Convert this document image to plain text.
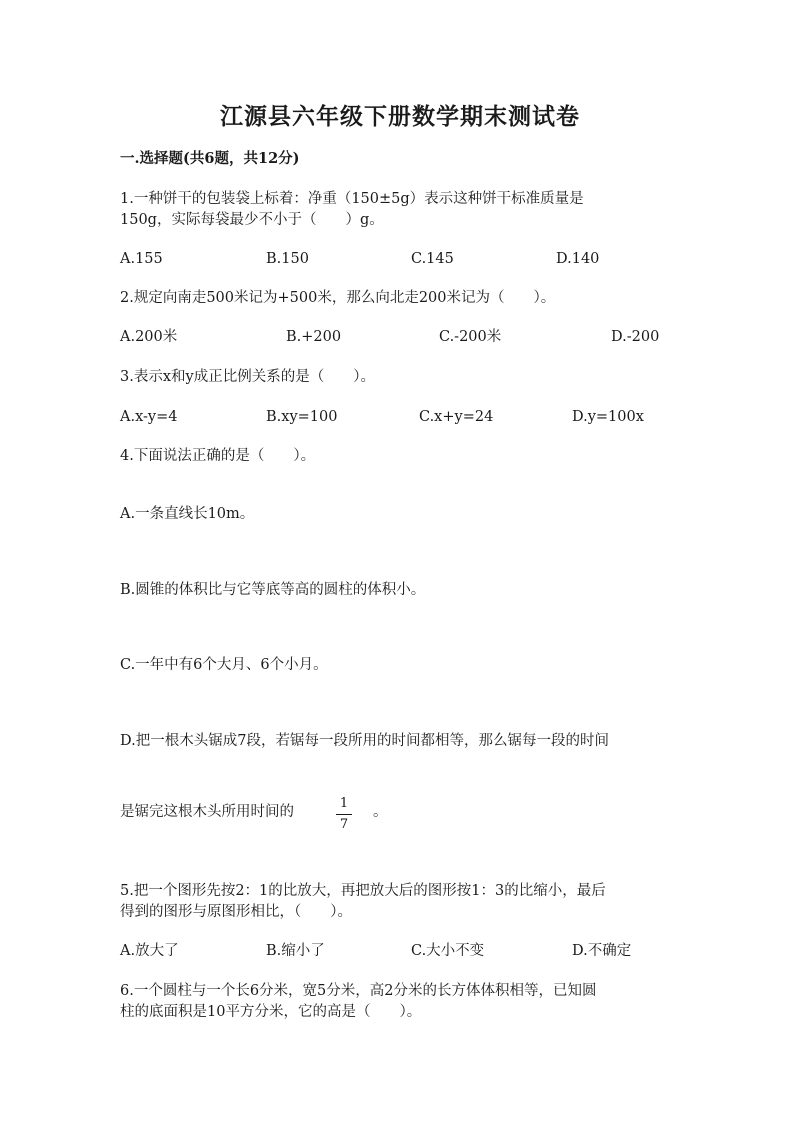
江源县六年级下册数学期末测试卷
一.选择题(共6题，共12分)
1.一种饼干的包装袋上标着：净重（150±5g）表示这种饼干标准质量是
150g，实际每袋最少不小于（　　）g。
A.155	B.150	C.145	D.140
2.规定向南走500米记为+500米，那么向北走200米记为（　　）。
A.200米	B.+200	C.-200米	D.-200
3.表示x和y成正比例关系的是（　　）。
A.x-y=4	B.xy=100	C.x+y=24	D.y=100x
4.下面说法正确的是（　　）。
A.一条直线长10m。
B.圆锥的体积比与它等底等高的圆柱的体积小。
C.一年中有6个大月、6个小月。
D.把一根木头锯成7段，若锯每一段所用的时间都相等，那么锯每一段的时间
是锯完这根木头所用时间的
1
7
。
5.把一个图形先按2：1的比放大，再把放大后的图形按1：3的比缩小，最后
得到的图形与原图形相比，（　　）。
A.放大了	B.缩小了	C.大小不变	D.不确定
6.一个圆柱与一个长6分米，宽5分米，高2分米的长方体体积相等，已知圆
柱的底面积是10平方分米，它的高是（　　）。
